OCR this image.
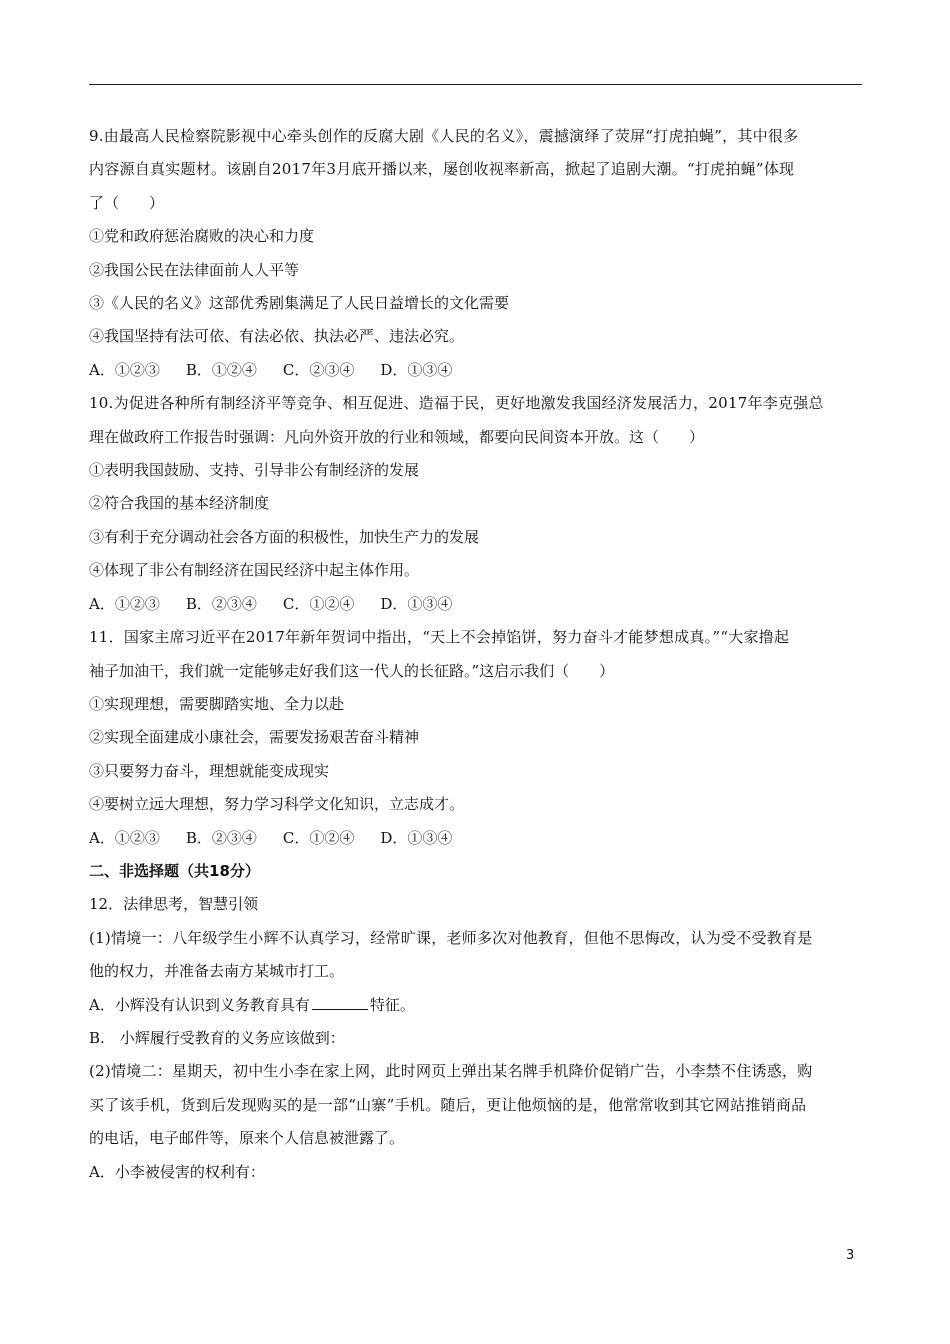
9.由最高人民检察院影视中心牵头创作的反腐大剧《人民的名义》，震撼演绎了荧屏“打虎拍蝇”，其中很多
内容源自真实题材。该剧自2017年3月底开播以来，屡创收视率新高，掀起了追剧大潮。“打虎拍蝇”体现
了（　　）
①党和政府惩治腐败的决心和力度
②我国公民在法律面前人人平等
③《人民的名义》这部优秀剧集满足了人民日益增长的文化需要
④我国坚持有法可依、有法必依、执法必严、违法必究。
A．①②③ B．①②④ C．②③④ D．①③④
10.为促进各种所有制经济平等竞争、相互促进、造福于民，更好地激发我国经济发展活力，2017年李克强总
理在做政府工作报告时强调：凡向外资开放的行业和领域，都要向民间资本开放。这（　　）
①表明我国鼓励、支持、引导非公有制经济的发展
②符合我国的基本经济制度
③有利于充分调动社会各方面的积极性，加快生产力的发展
④体现了非公有制经济在国民经济中起主体作用。
A．①②③ B．②③④ C．①②④ D．①③④
11．国家主席习近平在2017年新年贺词中指出，“天上不会掉馅饼，努力奋斗才能梦想成真。”“大家撸起
袖子加油干，我们就一定能够走好我们这一代人的长征路。”这启示我们（　　）
①实现理想，需要脚踏实地、全力以赴
②实现全面建成小康社会，需要发扬艰苦奋斗精神
③只要努力奋斗，理想就能变成现实
④要树立远大理想，努力学习科学文化知识，立志成才。
A．①②③ B．②③④ C．①②④ D．①③④
二、非选择题（共18分）
12．法律思考，智慧引领
(1)情境一：八年级学生小辉不认真学习，经常旷课，老师多次对他教育，但他不思悔改，认为受不受教育是
他的权力，并准备去南方某城市打工。
A．小辉没有认识到义务教育具有	特征。
B.　小辉履行受教育的义务应该做到：
(2)情境二：星期天，初中生小李在家上网，此时网页上弹出某名牌手机降价促销广告，小李禁不住诱惑，购
买了该手机，货到后发现购买的是一部“山寨”手机。随后，更让他烦恼的是，他常常收到其它网站推销商品
的电话，电子邮件等，原来个人信息被泄露了。
A．小李被侵害的权利有：
3
